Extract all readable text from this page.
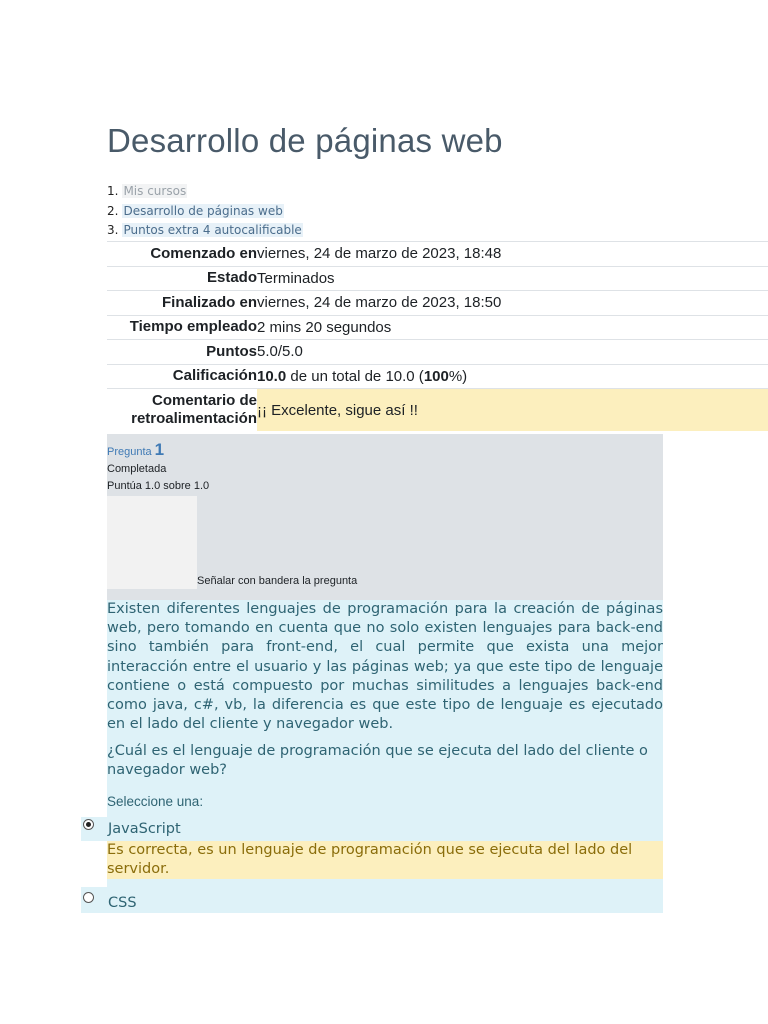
Desarrollo de páginas web
1. Mis cursos
2. Desarrollo de páginas web
3. Puntos extra 4 autocalificable
Comenzado en	viernes, 24 de marzo de 2023, 18:48
Estado	Terminados
Finalizado en	viernes, 24 de marzo de 2023, 18:50
Tiempo empleado	2 mins 20 segundos
Puntos	5.0/5.0
Calificación	10.0 de un total de 10.0 (100%)
Comentario de
retroalimentación	¡¡ Excelente, sigue así !!
Pregunta 1
Completada
Puntúa 1.0 sobre 1.0
Señalar con bandera la pregunta

Existen diferentes lenguajes de programación para la creación de páginas web, pero tomando en cuenta que no solo existen lenguajes para back-end sino también para front-end, el cual permite que exista una mejor interacción entre el usuario y las páginas web; ya que este tipo de lenguaje contiene o está compuesto por muchas similitudes a lenguajes back-end como java, c#, vb, la diferencia es que este tipo de lenguaje es ejecutado en el lado del cliente y navegador web.

¿Cuál es el lenguaje de programación que se ejecuta del lado del cliente o navegador web?

Seleccione una:

JavaScript

Es correcta, es un lenguaje de programación que se ejecuta del lado del servidor.

CSS
